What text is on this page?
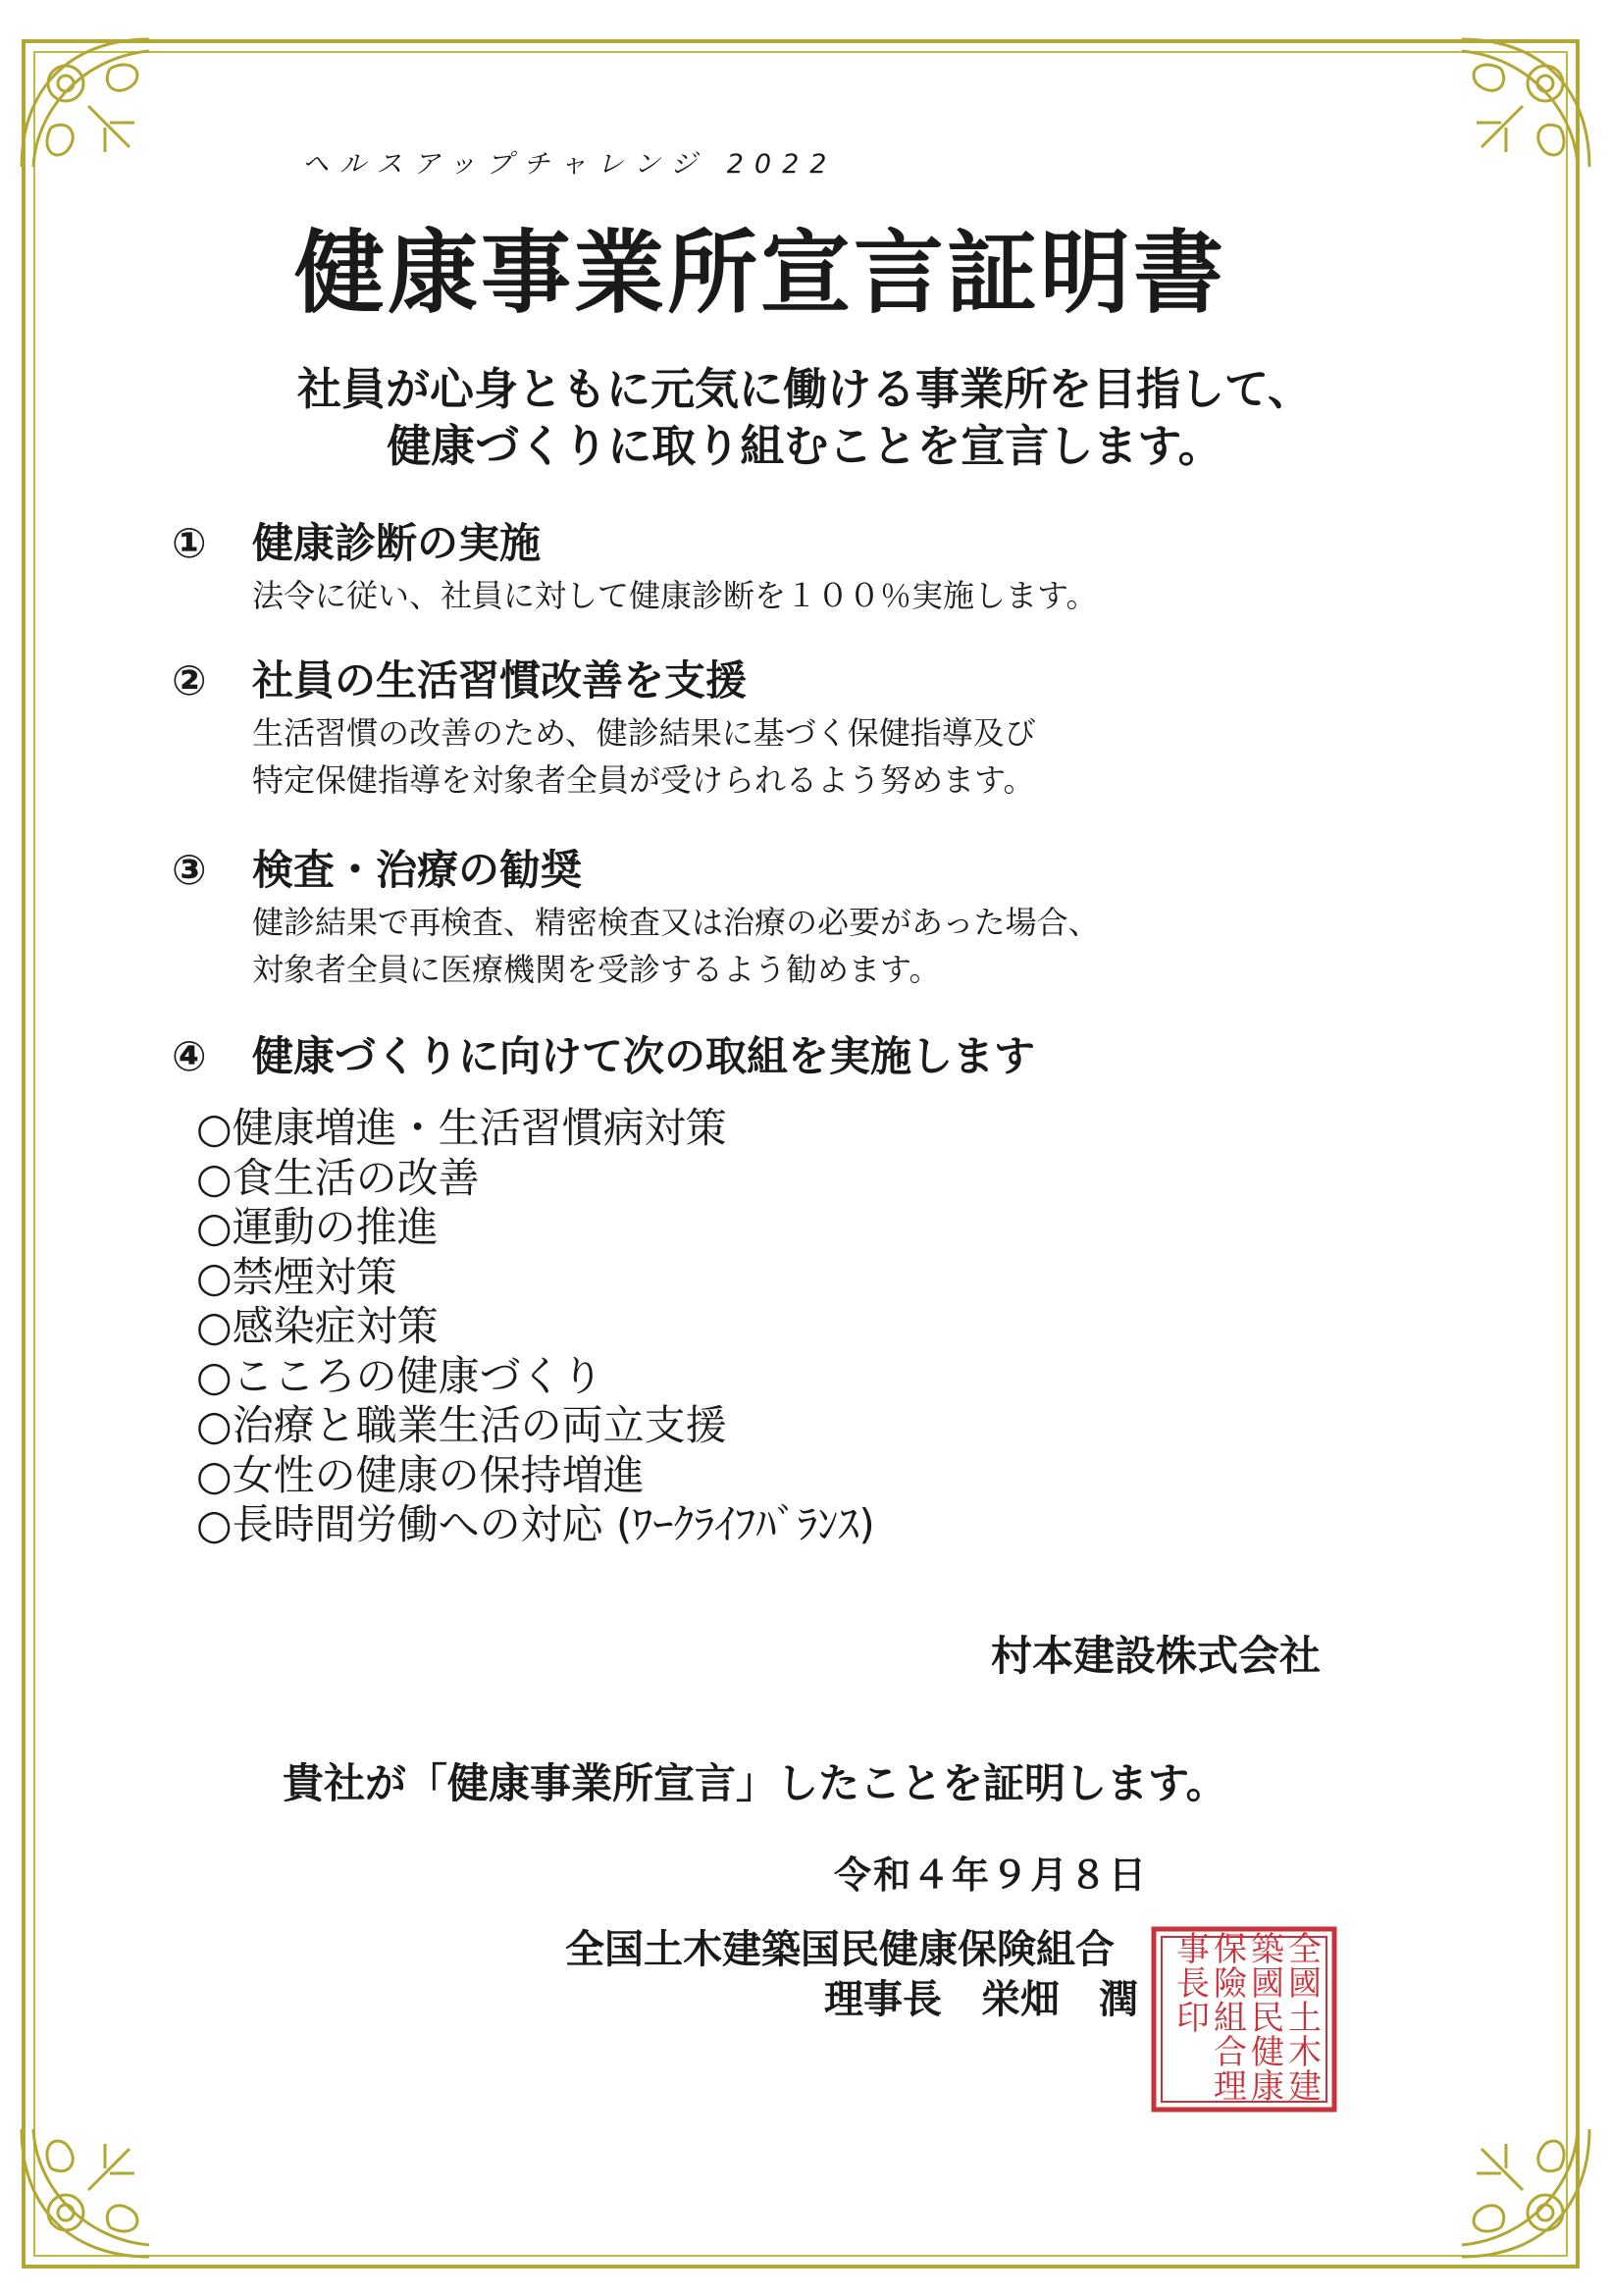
ヘルスアップチャレンジ 2022
健康事業所宣言証明書
社員が心身ともに元気に働ける事業所を目指して、
健康づくりに取り組むことを宣言します。
①	健康診断の実施
法令に従い、社員に対して健康診断を１００％実施します。
②	社員の生活習慣改善を支援
生活習慣の改善のため、健診結果に基づく保健指導及び
特定保健指導を対象者全員が受けられるよう努めます。
③	検査・治療の勧奨
健診結果で再検査、精密検査又は治療の必要があった場合、
対象者全員に医療機関を受診するよう勧めます。
④	健康づくりに向けて次の取組を実施します
○健康増進・生活習慣病対策
○食生活の改善
○運動の推進
○禁煙対策
○感染症対策
○こころの健康づくり
○治療と職業生活の両立支援
○女性の健康の保持増進
○長時間労働への対応 (ﾜｰｸﾗｲﾌﾊﾞﾗﾝｽ)
村本建設株式会社
貴社が「健康事業所宣言」したことを証明します。
令和４年９月８日
全国土木建築国民健康保険組合
理事長　栄畑　潤
全
國
土
木
建
築
國
民
健
康
保
險
組
合
理
事
長
印
